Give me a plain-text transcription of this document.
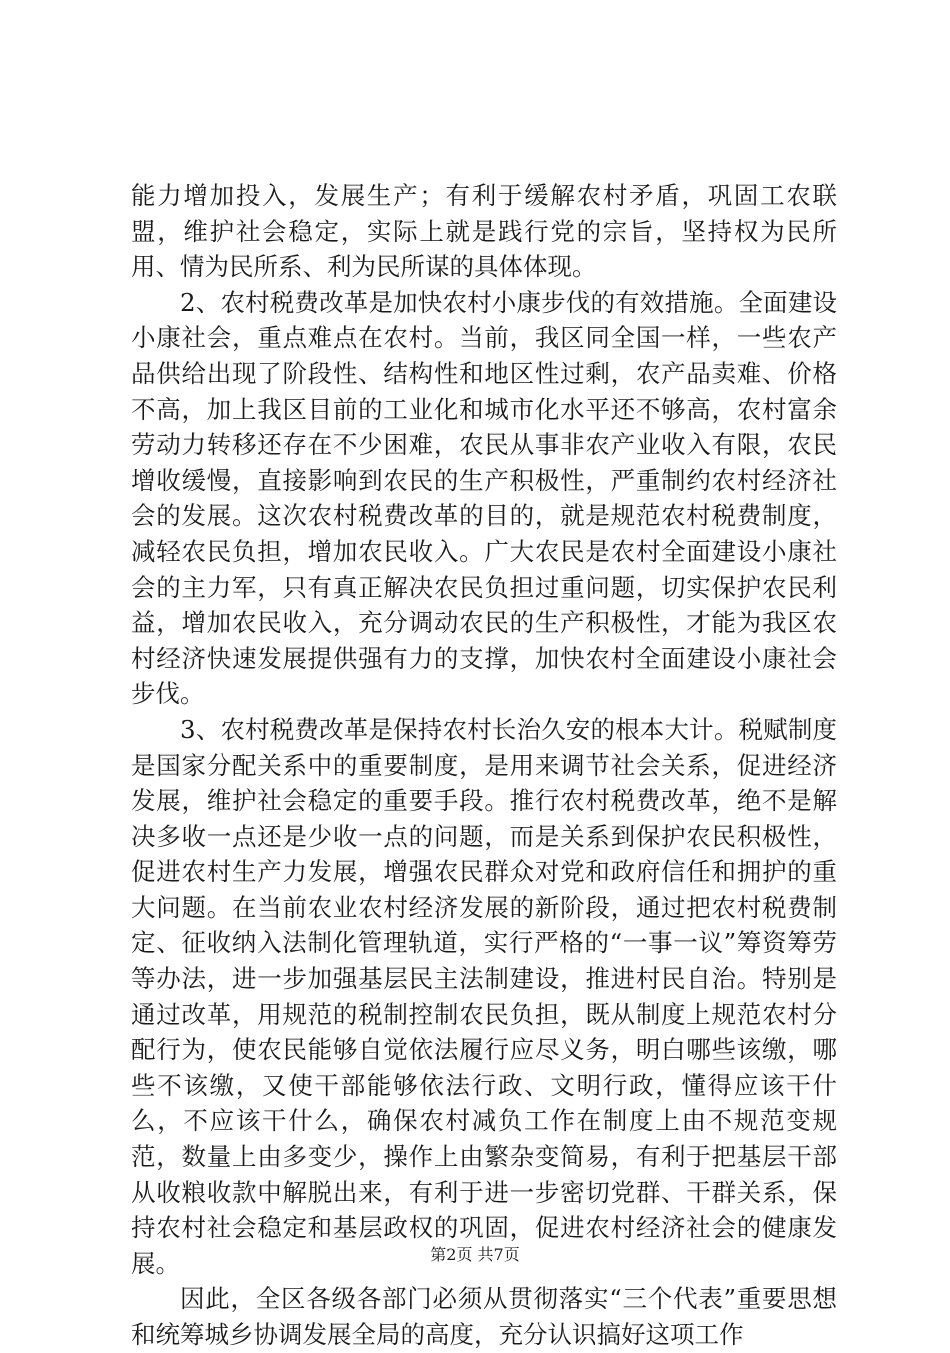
能力增加投入，发展生产；有利于缓解农村矛盾，巩固工农联盟，维护社会稳定，实际上就是践行党的宗旨，坚持权为民所用、情为民所系、利为民所谋的具体体现。

2、农村税费改革是加快农村小康步伐的有效措施。全面建设小康社会，重点难点在农村。当前，我区同全国一样，一些农产品供给出现了阶段性、结构性和地区性过剩，农产品卖难、价格不高，加上我区目前的工业化和城市化水平还不够高，农村富余劳动力转移还存在不少困难，农民从事非农产业收入有限，农民增收缓慢，直接影响到农民的生产积极性，严重制约农村经济社会的发展。这次农村税费改革的目的，就是规范农村税费制度，减轻农民负担，增加农民收入。广大农民是农村全面建设小康社会的主力军，只有真正解决农民负担过重问题，切实保护农民利益，增加农民收入，充分调动农民的生产积极性，才能为我区农村经济快速发展提供强有力的支撑，加快农村全面建设小康社会步伐。

3、农村税费改革是保持农村长治久安的根本大计。税赋制度是国家分配关系中的重要制度，是用来调节社会关系，促进经济发展，维护社会稳定的重要手段。推行农村税费改革，绝不是解决多收一点还是少收一点的问题，而是关系到保护农民积极性，促进农村生产力发展，增强农民群众对党和政府信任和拥护的重大问题。在当前农业农村经济发展的新阶段，通过把农村税费制定、征收纳入法制化管理轨道，实行严格的“一事一议”筹资筹劳等办法，进一步加强基层民主法制建设，推进村民自治。特别是通过改革，用规范的税制控制农民负担，既从制度上规范农村分配行为，使农民能够自觉依法履行应尽义务，明白哪些该缴，哪些不该缴，又使干部能够依法行政、文明行政，懂得应该干什么，不应该干什么，确保农村减负工作在制度上由不规范变规范，数量上由多变少，操作上由繁杂变简易，有利于把基层干部从收粮收款中解脱出来，有利于进一步密切党群、干群关系，保持农村社会稳定和基层政权的巩固，促进农村经济社会的健康发展。

因此，全区各级各部门必须从贯彻落实“三个代表”重要思想和统筹城乡协调发展全局的高度，充分认识搞好这项工作

第2页 共7页
